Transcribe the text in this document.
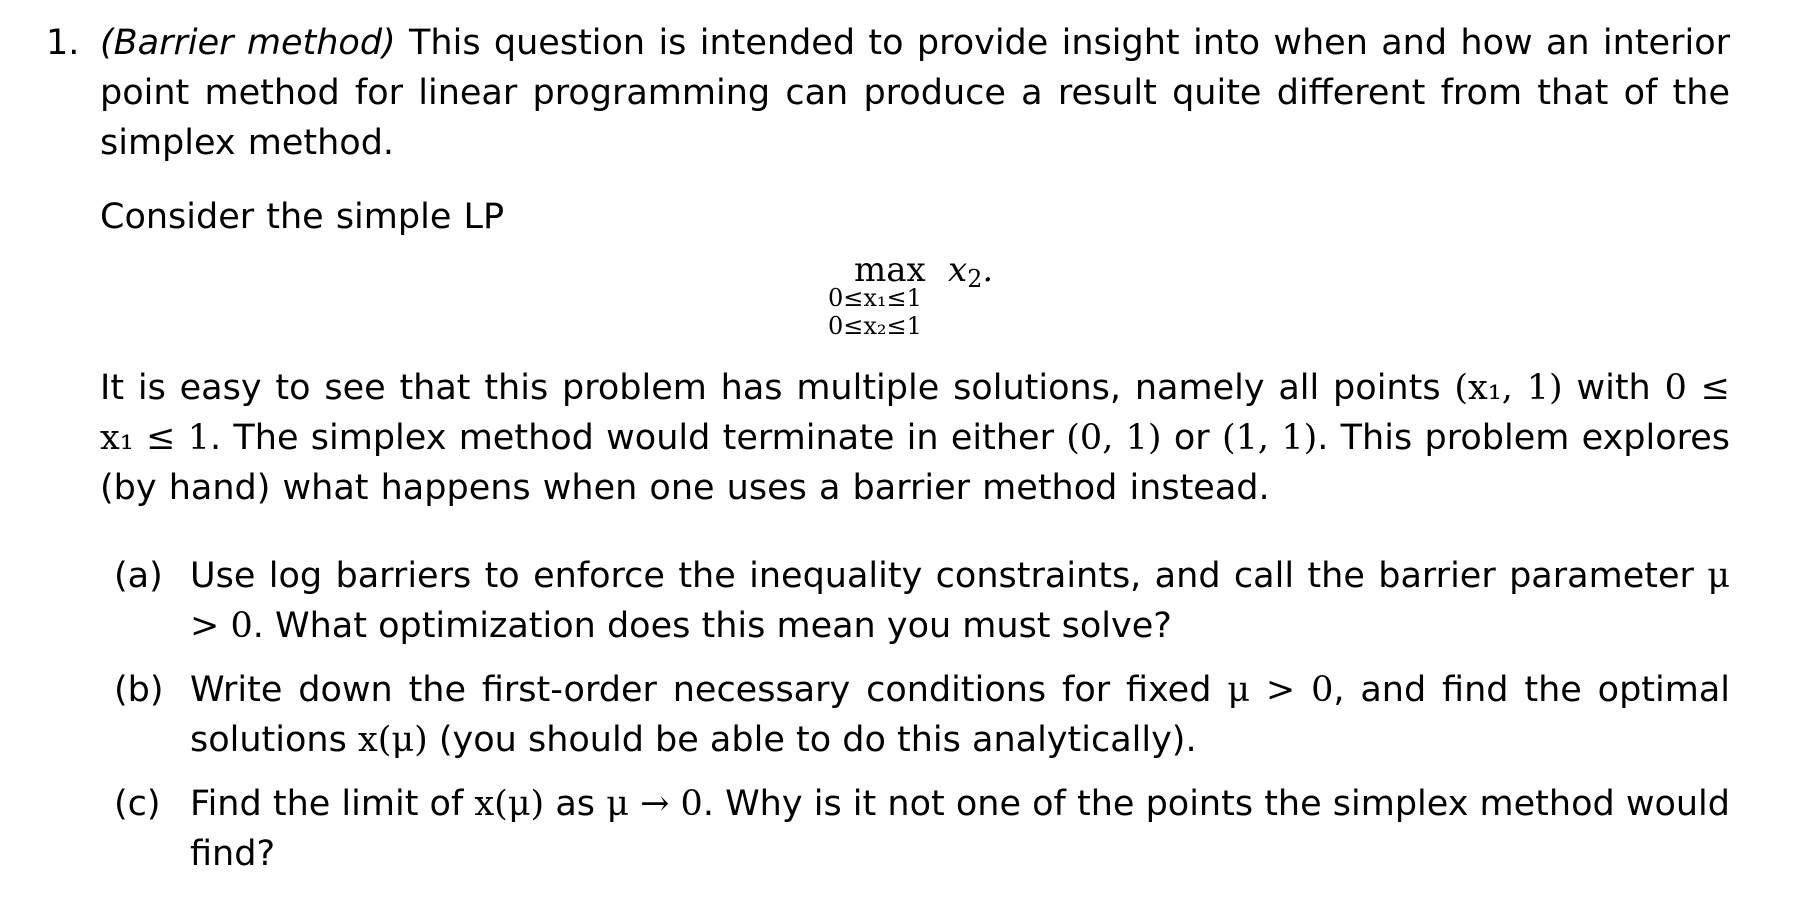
1. (Barrier method) This question is intended to provide insight into when and how an interior point method for linear programming can produce a result quite different from that of the simplex method.
Consider the simple LP
$\max x_2$.
0≤x₁≤1
0≤x₂≤1
It is easy to see that this problem has multiple solutions, namely all points (x₁, 1) with 0 ≤ x₁ ≤ 1. The simplex method would terminate in either (0, 1) or (1, 1). This problem explores (by hand) what happens when one uses a barrier method instead.
(a) Use log barriers to enforce the inequality constraints, and call the barrier parameter μ > 0. What optimization does this mean you must solve?
(b) Write down the first-order necessary conditions for fixed μ > 0, and find the optimal solutions x(μ) (you should be able to do this analytically).
(c) Find the limit of x(μ) as μ → 0. Why is it not one of the points the simplex method would find?
